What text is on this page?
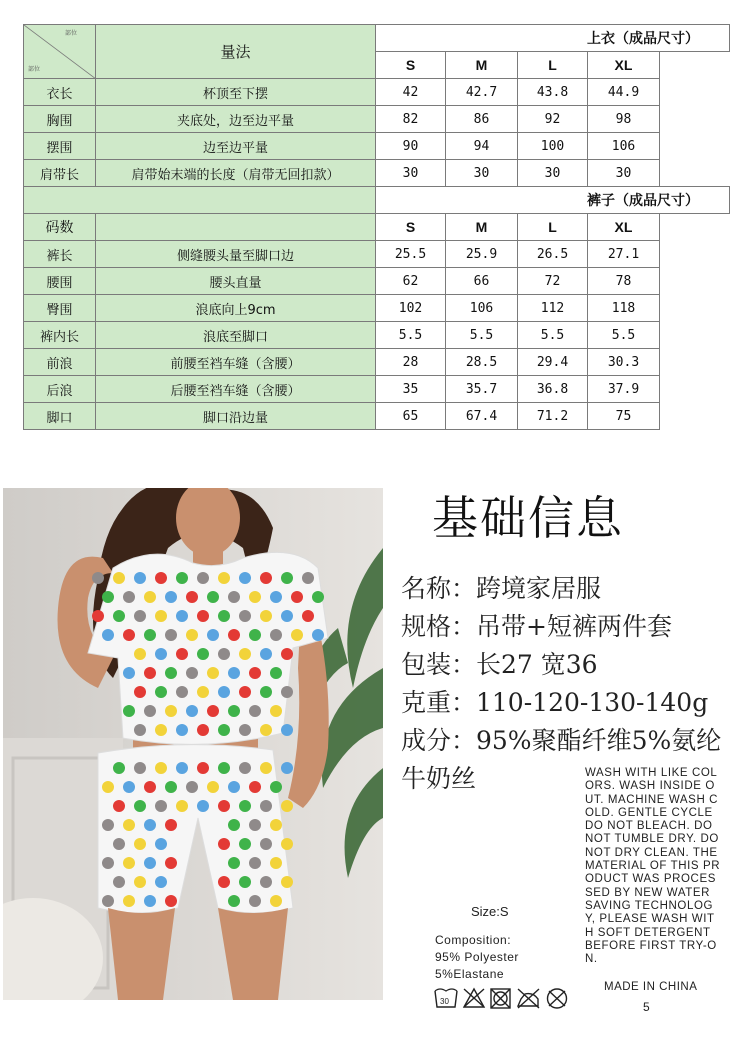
部位
部位	量法	上衣（成品尺寸）				
		S	M	L	XL	
衣长	杯顶至下摆	42	42.7	43.8	44.9	
胸围	夹底处，边至边平量	82	86	92	98	
摆围	边至边平量	90	94	100	106	
肩带长	肩带始末端的长度（肩带无回扣款）	30	30	30	30	
		裤子（成品尺寸）				
码数		S	M	L	XL	
裤长	侧缝腰头量至脚口边	25.5	25.9	26.5	27.1	
腰围	腰头直量	62	66	72	78	
臀围	浪底向上9cm	102	106	112	118	
裤内长	浪底至脚口	5.5	5.5	5.5	5.5	
前浪	前腰至裆车缝（含腰）	28	28.5	29.4	30.3	
后浪	后腰至裆车缝（含腰）	35	35.7	36.8	37.9	
脚口	脚口沿边量	65	67.4	71.2	75	
基础信息
名称：跨境家居服
规格：吊带+短裤两件套
包装：长27 宽36
克重：110-120-130-140g
成分：95%聚酯纤维5%氨纶
牛奶丝	WASH WITH LIKE COL
ORS. WASH INSIDE O
UT. MACHINE WASH C
OLD. GENTLE CYCLE
DO NOT BLEACH. DO
NOT TUMBLE DRY. DO
NOT DRY CLEAN. THE
MATERIAL OF THIS PR
ODUCT WAS PROCES
SED BY NEW WATER
SAVING TECHNOLOG
Y, PLEASE WASH WIT
H SOFT DETERGENT
BEFORE FIRST TRY-O
N.
Size:S
Composition:
95% Polyester
5%Elastane
MADE IN CHINA
5
30
